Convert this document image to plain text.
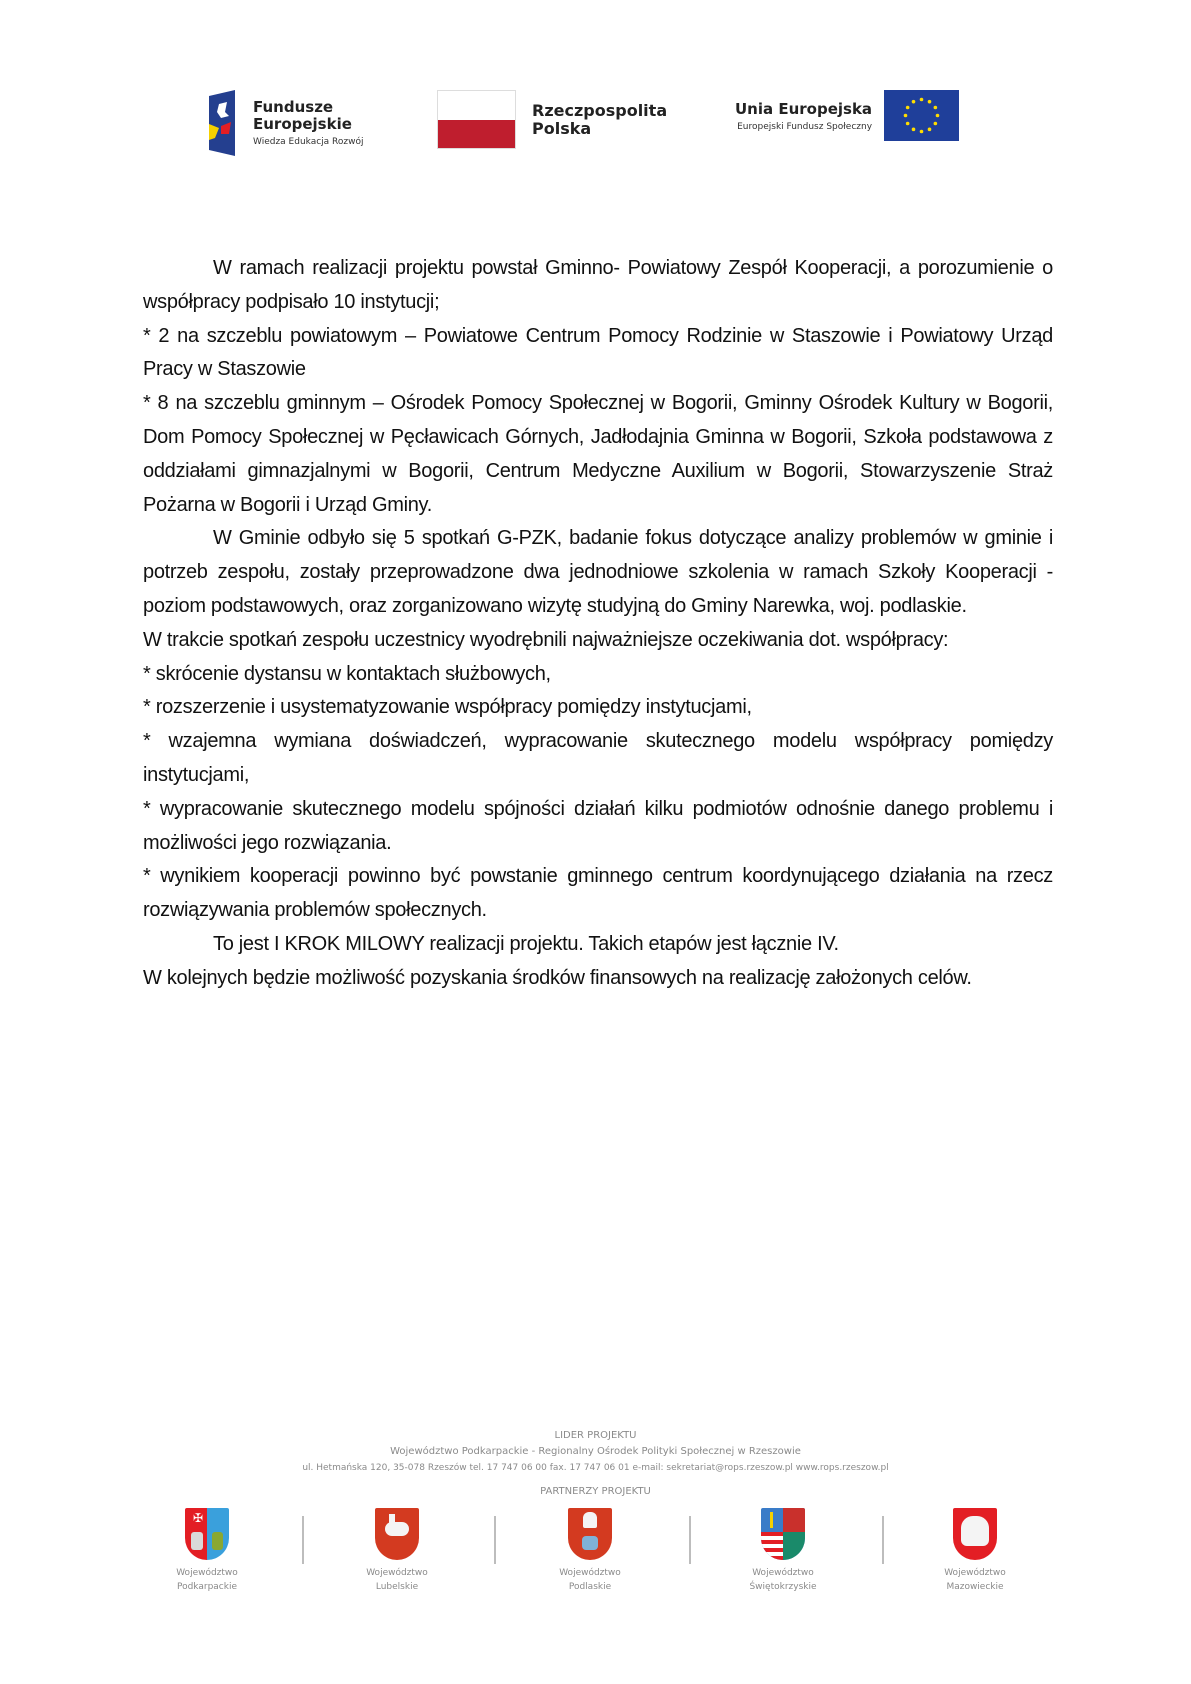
Fundusze
Europejskie
Wiedza Edukacja Rozwój
Rzeczpospolita
Polska
Unia Europejska
Europejski Fundusz Społeczny

W ramach realizacji projektu powstał Gminno- Powiatowy Zespół Kooperacji, a porozumienie o współpracy podpisało 10 instytucji;

* 2 na szczeblu powiatowym – Powiatowe Centrum Pomocy Rodzinie w Staszowie i Powiatowy Urząd Pracy w Staszowie

* 8 na szczeblu gminnym – Ośrodek Pomocy Społecznej w Bogorii, Gminny Ośrodek Kultury w Bogorii, Dom Pomocy Społecznej w Pęcławicach Górnych, Jadłodajnia Gminna w Bogorii, Szkoła podstawowa z oddziałami gimnazjalnymi w Bogorii, Centrum Medyczne Auxilium w Bogorii, Stowarzyszenie Straż Pożarna w Bogorii i Urząd Gminy.

W Gminie odbyło się 5 spotkań G-PZK, badanie fokus dotyczące analizy problemów w gminie i potrzeb zespołu, zostały przeprowadzone dwa jednodniowe szkolenia w ramach Szkoły Kooperacji - poziom podstawowych, oraz zorganizowano wizytę studyjną do Gminy Narewka, woj. podlaskie.

W trakcie spotkań zespołu uczestnicy wyodrębnili najważniejsze oczekiwania dot. współpracy:

* skrócenie dystansu w kontaktach służbowych,

* rozszerzenie i usystematyzowanie współpracy pomiędzy instytucjami,

* wzajemna wymiana doświadczeń, wypracowanie skutecznego modelu współpracy pomiędzy instytucjami,

* wypracowanie skutecznego modelu spójności działań kilku podmiotów odnośnie danego problemu i możliwości jego rozwiązania.

* wynikiem kooperacji powinno być powstanie gminnego centrum koordynującego działania na rzecz rozwiązywania problemów społecznych.

To jest I KROK MILOWY realizacji projektu. Takich etapów jest łącznie IV.

W kolejnych będzie możliwość pozyskania środków finansowych na realizację założonych celów.

LIDER PROJEKTU
Województwo Podkarpackie - Regionalny Ośrodek Polityki Społecznej w Rzeszowie
ul. Hetmańska 120, 35-078 Rzeszów tel. 17 747 06 00 fax. 17 747 06 01 e-mail: sekretariat@rops.rzeszow.pl www.rops.rzeszow.pl
PARTNERZY PROJEKTU
✠
Województwo
Podkarpackie
Województwo
Lubelskie
Województwo
Podlaskie
Województwo
Świętokrzyskie
Województwo
Mazowieckie
